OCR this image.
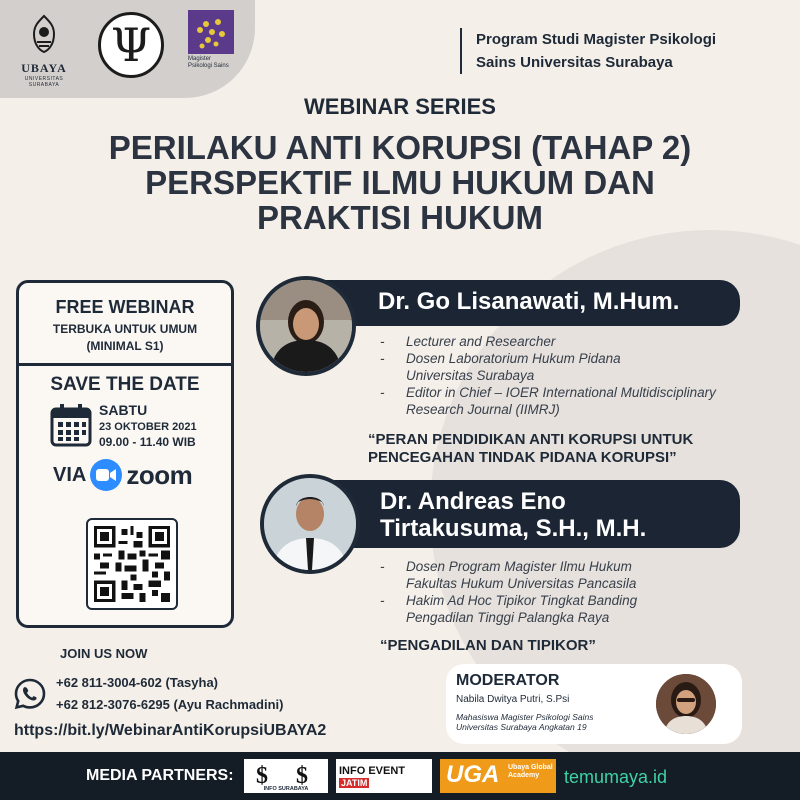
UBAYA
UNIVERSITAS SURABAYA
Ψ	Magister Psikologi Sains
Program Studi Magister Psikologi
Sains Universitas Surabaya
WEBINAR SERIES
PERILAKU ANTI KORUPSI (TAHAP 2)
PERSPEKTIF ILMU HUKUM DAN
PRAKTISI HUKUM
FREE WEBINAR
TERBUKA UNTUK UMUM
(MINIMAL S1)
SAVE THE DATE
SABTU
23 OKTOBER 2021
09.00 - 11.40 WIB
VIA zoom
Dr. Go Lisanawati, M.Hum.
- Lecturer and Researcher
- Dosen Laboratorium Hukum Pidana
Universitas Surabaya
- Editor in Chief – IOER International Multidisciplinary
Research Journal (IIMRJ)
“PERAN PENDIDIKAN ANTI KORUPSI UNTUK
PENCEGAHAN TINDAK PIDANA KORUPSI”
Dr. Andreas Eno
Tirtakusuma, S.H., M.H.
- Dosen Program Magister Ilmu Hukum
Fakultas Hukum Universitas Pancasila
- Hakim Ad Hoc Tipikor Tingkat Banding
Pengadilan Tinggi Palangka Raya
“PENGADILAN DAN TIPIKOR”
JOIN US NOW
+62 811-3004-602 (Tasyha)
+62 812-3076-6295 (Ayu Rachmadini)
https://bit.ly/WebinarAntiKorupsiUBAYA2
MODERATOR
Nabila Dwitya Putri, S.Psi
Mahasiswa Magister Psikologi Sains
Universitas Surabaya Angkatan 19
MEDIA PARTNERS: $ $
INFO SURABAYA
INFO EVENT JATIM	UGA Ubaya Global Academy	temumaya.id
